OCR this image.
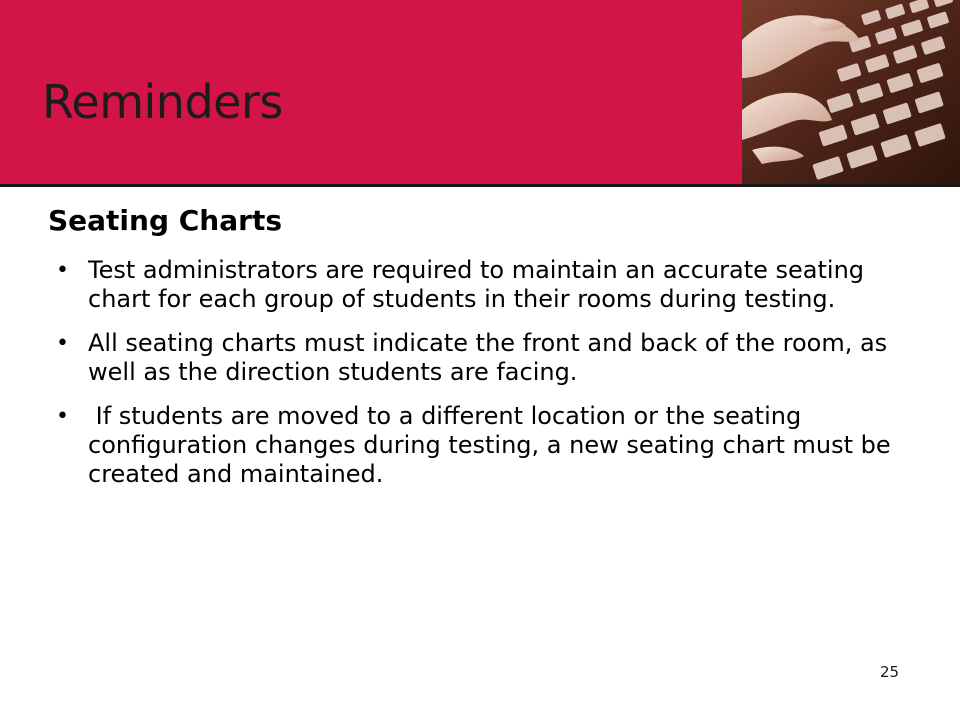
Reminders
Seating Charts
• Test administrators are required to maintain an accurate seating chart for each group of students in their rooms during testing.
• All seating charts must indicate the front and back of the room, as well as the direction students are facing.
• If students are moved to a different location or the seating configuration changes during testing, a new seating chart must be created and maintained.
25
